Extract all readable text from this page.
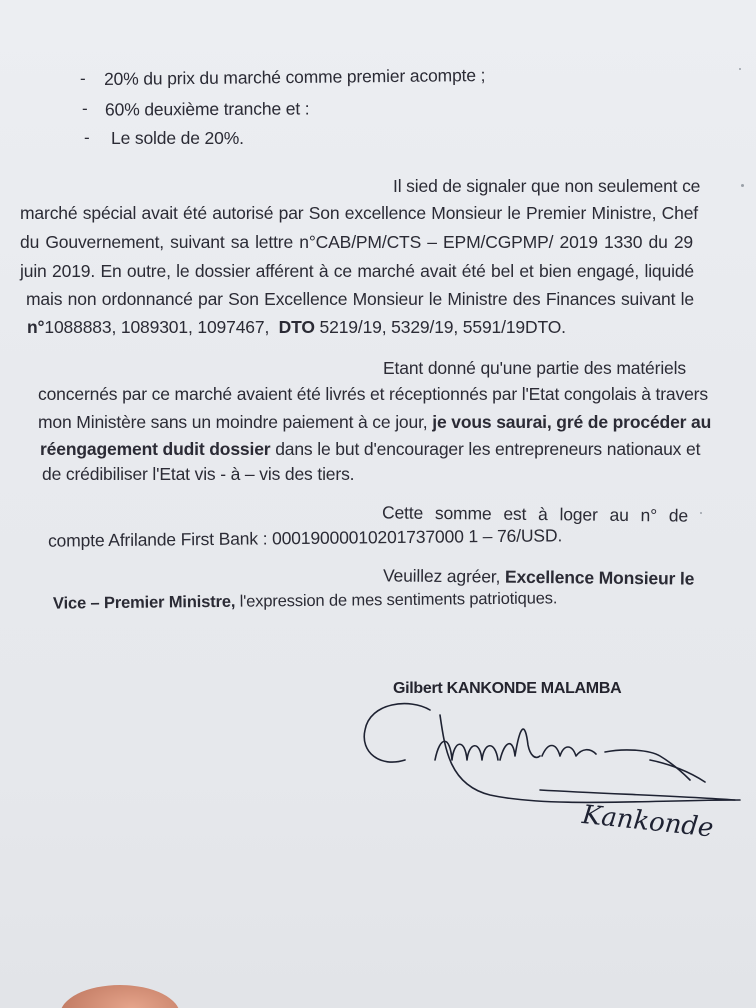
- 20% du prix du marché comme premier acompte ;
- 60% deuxième tranche et :
- Le solde de 20%.
Il sied de signaler que non seulement ce
marché spécial avait été autorisé par Son excellence Monsieur le Premier Ministre, Chef
du Gouvernement, suivant sa lettre n°CAB/PM/CTS – EPM/CGPMP/ 2019 1330 du 29
juin 2019. En outre, le dossier afférent à ce marché avait été bel et bien engagé, liquidé
mais non ordonnancé par Son Excellence Monsieur le Ministre des Finances suivant le
n°1088883, 1089301, 1097467, DTO 5219/19, 5329/19, 5591/19DTO.
Etant donné qu'une partie des matériels
concernés par ce marché avaient été livrés et réceptionnés par l'Etat congolais à travers
mon Ministère sans un moindre paiement à ce jour, je vous saurai, gré de procéder au
réengagement dudit dossier dans le but d'encourager les entrepreneurs nationaux et
de crédibiliser l'Etat vis - à – vis des tiers.
Cette somme est à loger au n° de
compte Afrilande First Bank : 00019000010201737000 1 – 76/USD.
Veuillez agréer, Excellence Monsieur le
Vice – Premier Ministre, l'expression de mes sentiments patriotiques.
Gilbert KANKONDE MALAMBA
Kankonde
